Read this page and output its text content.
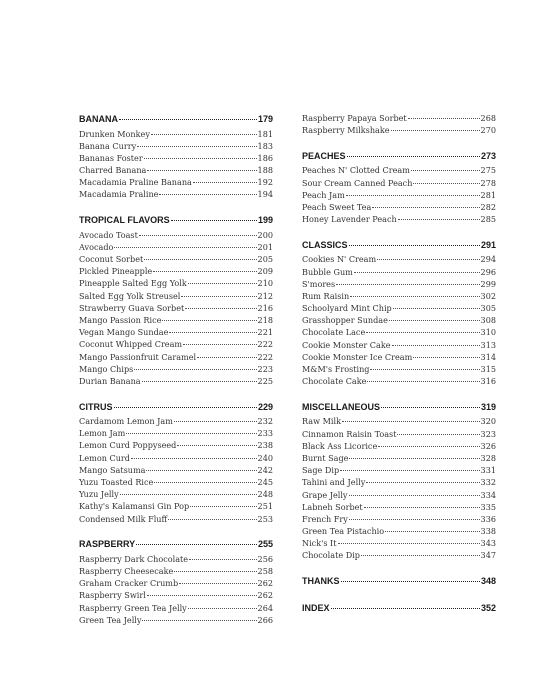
BANANA	179
Drunken Monkey	181
Banana Curry	183
Bananas Foster	186
Charred Banana	188
Macadamia Praline Banana	192
Macadamia Praline	194
TROPICAL FLAVORS	199
Avocado Toast	200
Avocado	201
Coconut Sorbet	205
Pickled Pineapple	209
Pineapple Salted Egg Yolk	210
Salted Egg Yolk Streusel	212
Strawberry Guava Sorbet	216
Mango Passion Rice	218
Vegan Mango Sundae	221
Coconut Whipped Cream	222
Mango Passionfruit Caramel	222
Mango Chips	223
Durian Banana	225
CITRUS	229
Cardamom Lemon Jam	232
Lemon Jam	233
Lemon Curd Poppyseed	238
Lemon Curd	240
Mango Satsuma	242
Yuzu Toasted Rice	245
Yuzu Jelly	248
Kathy's Kalamansi Gin Pop	251
Condensed Milk Fluff	253
RASPBERRY	255
Raspberry Dark Chocolate	256
Raspberry Cheesecake	258
Graham Cracker Crumb	262
Raspberry Swirl	262
Raspberry Green Tea Jelly	264
Green Tea Jelly	266
Raspberry Papaya Sorbet	268
Raspberry Milkshake	270
PEACHES	273
Peaches N' Clotted Cream	275
Sour Cream Canned Peach	278
Peach Jam	281
Peach Sweet Tea	282
Honey Lavender Peach	285
CLASSICS	291
Cookies N' Cream	294
Bubble Gum	296
S'mores	299
Rum Raisin	302
Schoolyard Mint Chip	305
Grasshopper Sundae	308
Chocolate Lace	310
Cookie Monster Cake	313
Cookie Monster Ice Cream	314
M&M's Frosting	315
Chocolate Cake	316
MISCELLANEOUS	319
Raw Milk	320
Cinnamon Raisin Toast	323
Black Ass Licorice	326
Burnt Sage	328
Sage Dip	331
Tahini and Jelly	332
Grape Jelly	334
Labneh Sorbet	335
French Fry	336
Green Tea Pistachio	338
Nick's It	343
Chocolate Dip	347
THANKS	348
INDEX	352
